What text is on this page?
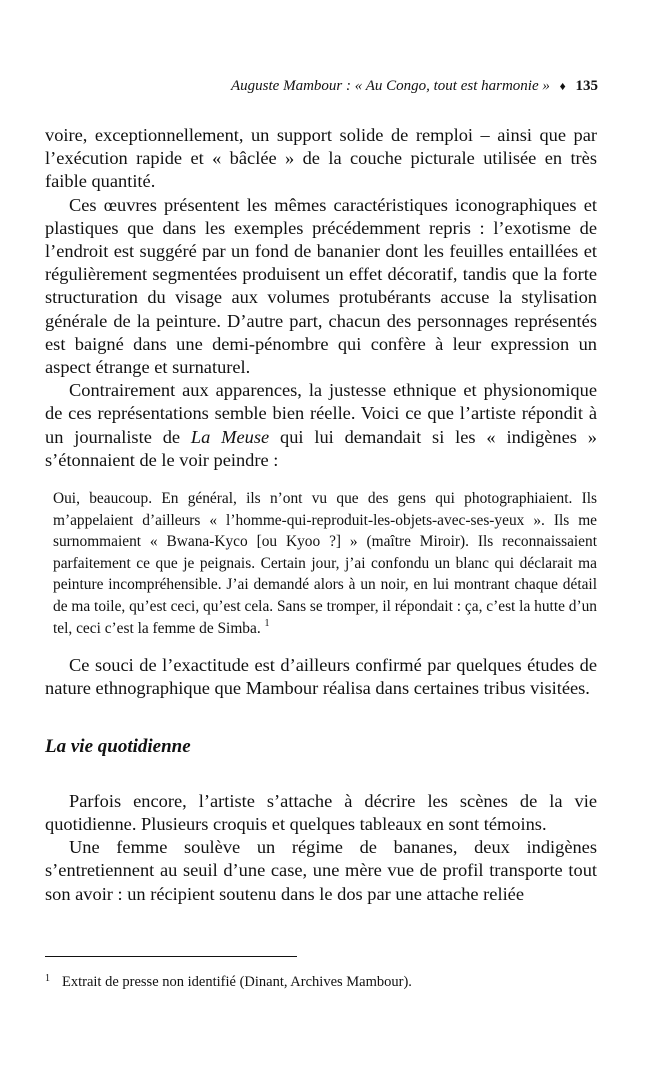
Auguste Mambour : « Au Congo, tout est harmonie » ♦ 135

voire, exceptionnellement, un support solide de remploi – ainsi que par l’exécution rapide et « bâclée » de la couche picturale utilisée en très faible quantité.

Ces œuvres présentent les mêmes caractéristiques iconographiques et plastiques que dans les exemples précédemment repris : l’exotisme de l’endroit est suggéré par un fond de bananier dont les feuilles entaillées et régulièrement segmentées produisent un effet décoratif, tandis que la forte structuration du visage aux volumes protubérants accuse la stylisation générale de la peinture. D’autre part, chacun des personnages représentés est baigné dans une demi-pénombre qui confère à leur expression un aspect étrange et surnaturel.

Contrairement aux apparences, la justesse ethnique et physionomique de ces représentations semble bien réelle. Voici ce que l’artiste répondit à un journaliste de La Meuse qui lui demandait si les « indigènes » s’étonnaient de le voir peindre :

Oui, beaucoup. En général, ils n’ont vu que des gens qui photographiaient. Ils m’appelaient d’ailleurs « l’homme-qui-reproduit-les-objets-avec-ses-yeux ». Ils me surnommaient « Bwana-Kyco [ou Kyoo ?] » (maître Miroir). Ils reconnaissaient parfaitement ce que je peignais. Certain jour, j’ai confondu un blanc qui déclarait ma peinture incompréhensible. J’ai demandé alors à un noir, en lui montrant chaque détail de ma toile, qu’est ceci, qu’est cela. Sans se tromper, il répondait : ça, c’est la hutte d’un tel, ceci c’est la femme de Simba. $^1$

Ce souci de l’exactitude est d’ailleurs confirmé par quelques études de nature ethnographique que Mambour réalisa dans certaines tribus visitées.

La vie quotidienne

Parfois encore, l’artiste s’attache à décrire les scènes de la vie quotidienne. Plusieurs croquis et quelques tableaux en sont témoins.

Une femme soulève un régime de bananes, deux indigènes s’entretiennent au seuil d’une case, une mère vue de profil transporte tout son avoir : un récipient soutenu dans le dos par une attache reliée

$^1$ Extrait de presse non identifié (Dinant, Archives Mambour).
